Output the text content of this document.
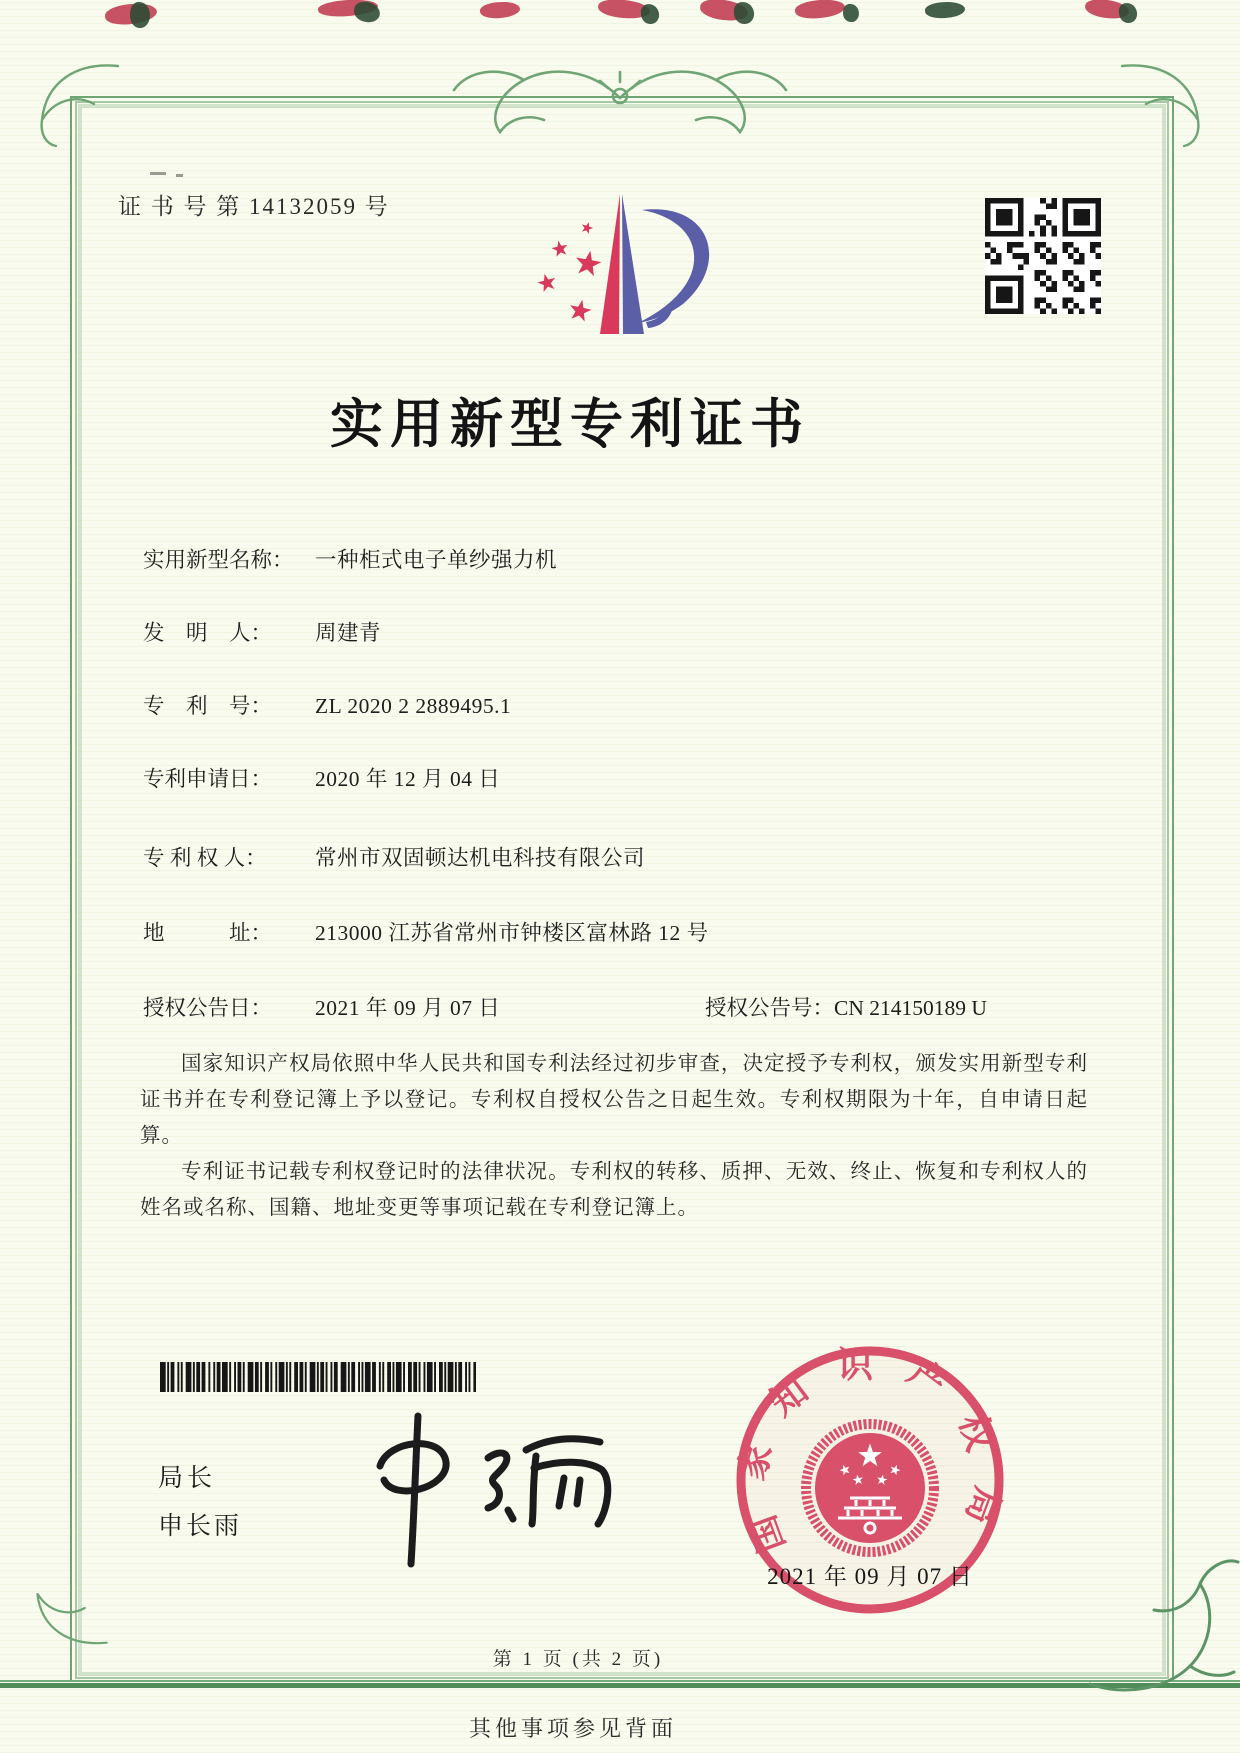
证 书 号 第 14132059 号
实用新型专利证书
实用新型名称： 一种柜式电子单纱强力机
发　明　人： 周建青
专　利　号： ZL 2020 2 2889495.1
专利申请日： 2020 年 12 月 04 日
专 利 权 人： 常州市双固顿达机电科技有限公司
地　　　址： 213000 江苏省常州市钟楼区富林路 12 号
授权公告日： 2021 年 09 月 07 日	授权公告号：CN 214150189 U

国家知识产权局依照中华人民共和国专利法经过初步审查，决定授予专利权，颁发实用新型专利证书并在专利登记簿上予以登记。专利权自授权公告之日起生效。专利权期限为十年，自申请日起算。

专利证书记载专利权登记时的法律状况。专利权的转移、质押、无效、终止、恢复和专利权人的姓名或名称、国籍、地址变更等事项记载在专利登记簿上。

局长
申长雨	国家知识产权局
2021 年 09 月 07 日
第 1 页 (共 2 页)
其他事项参见背面
